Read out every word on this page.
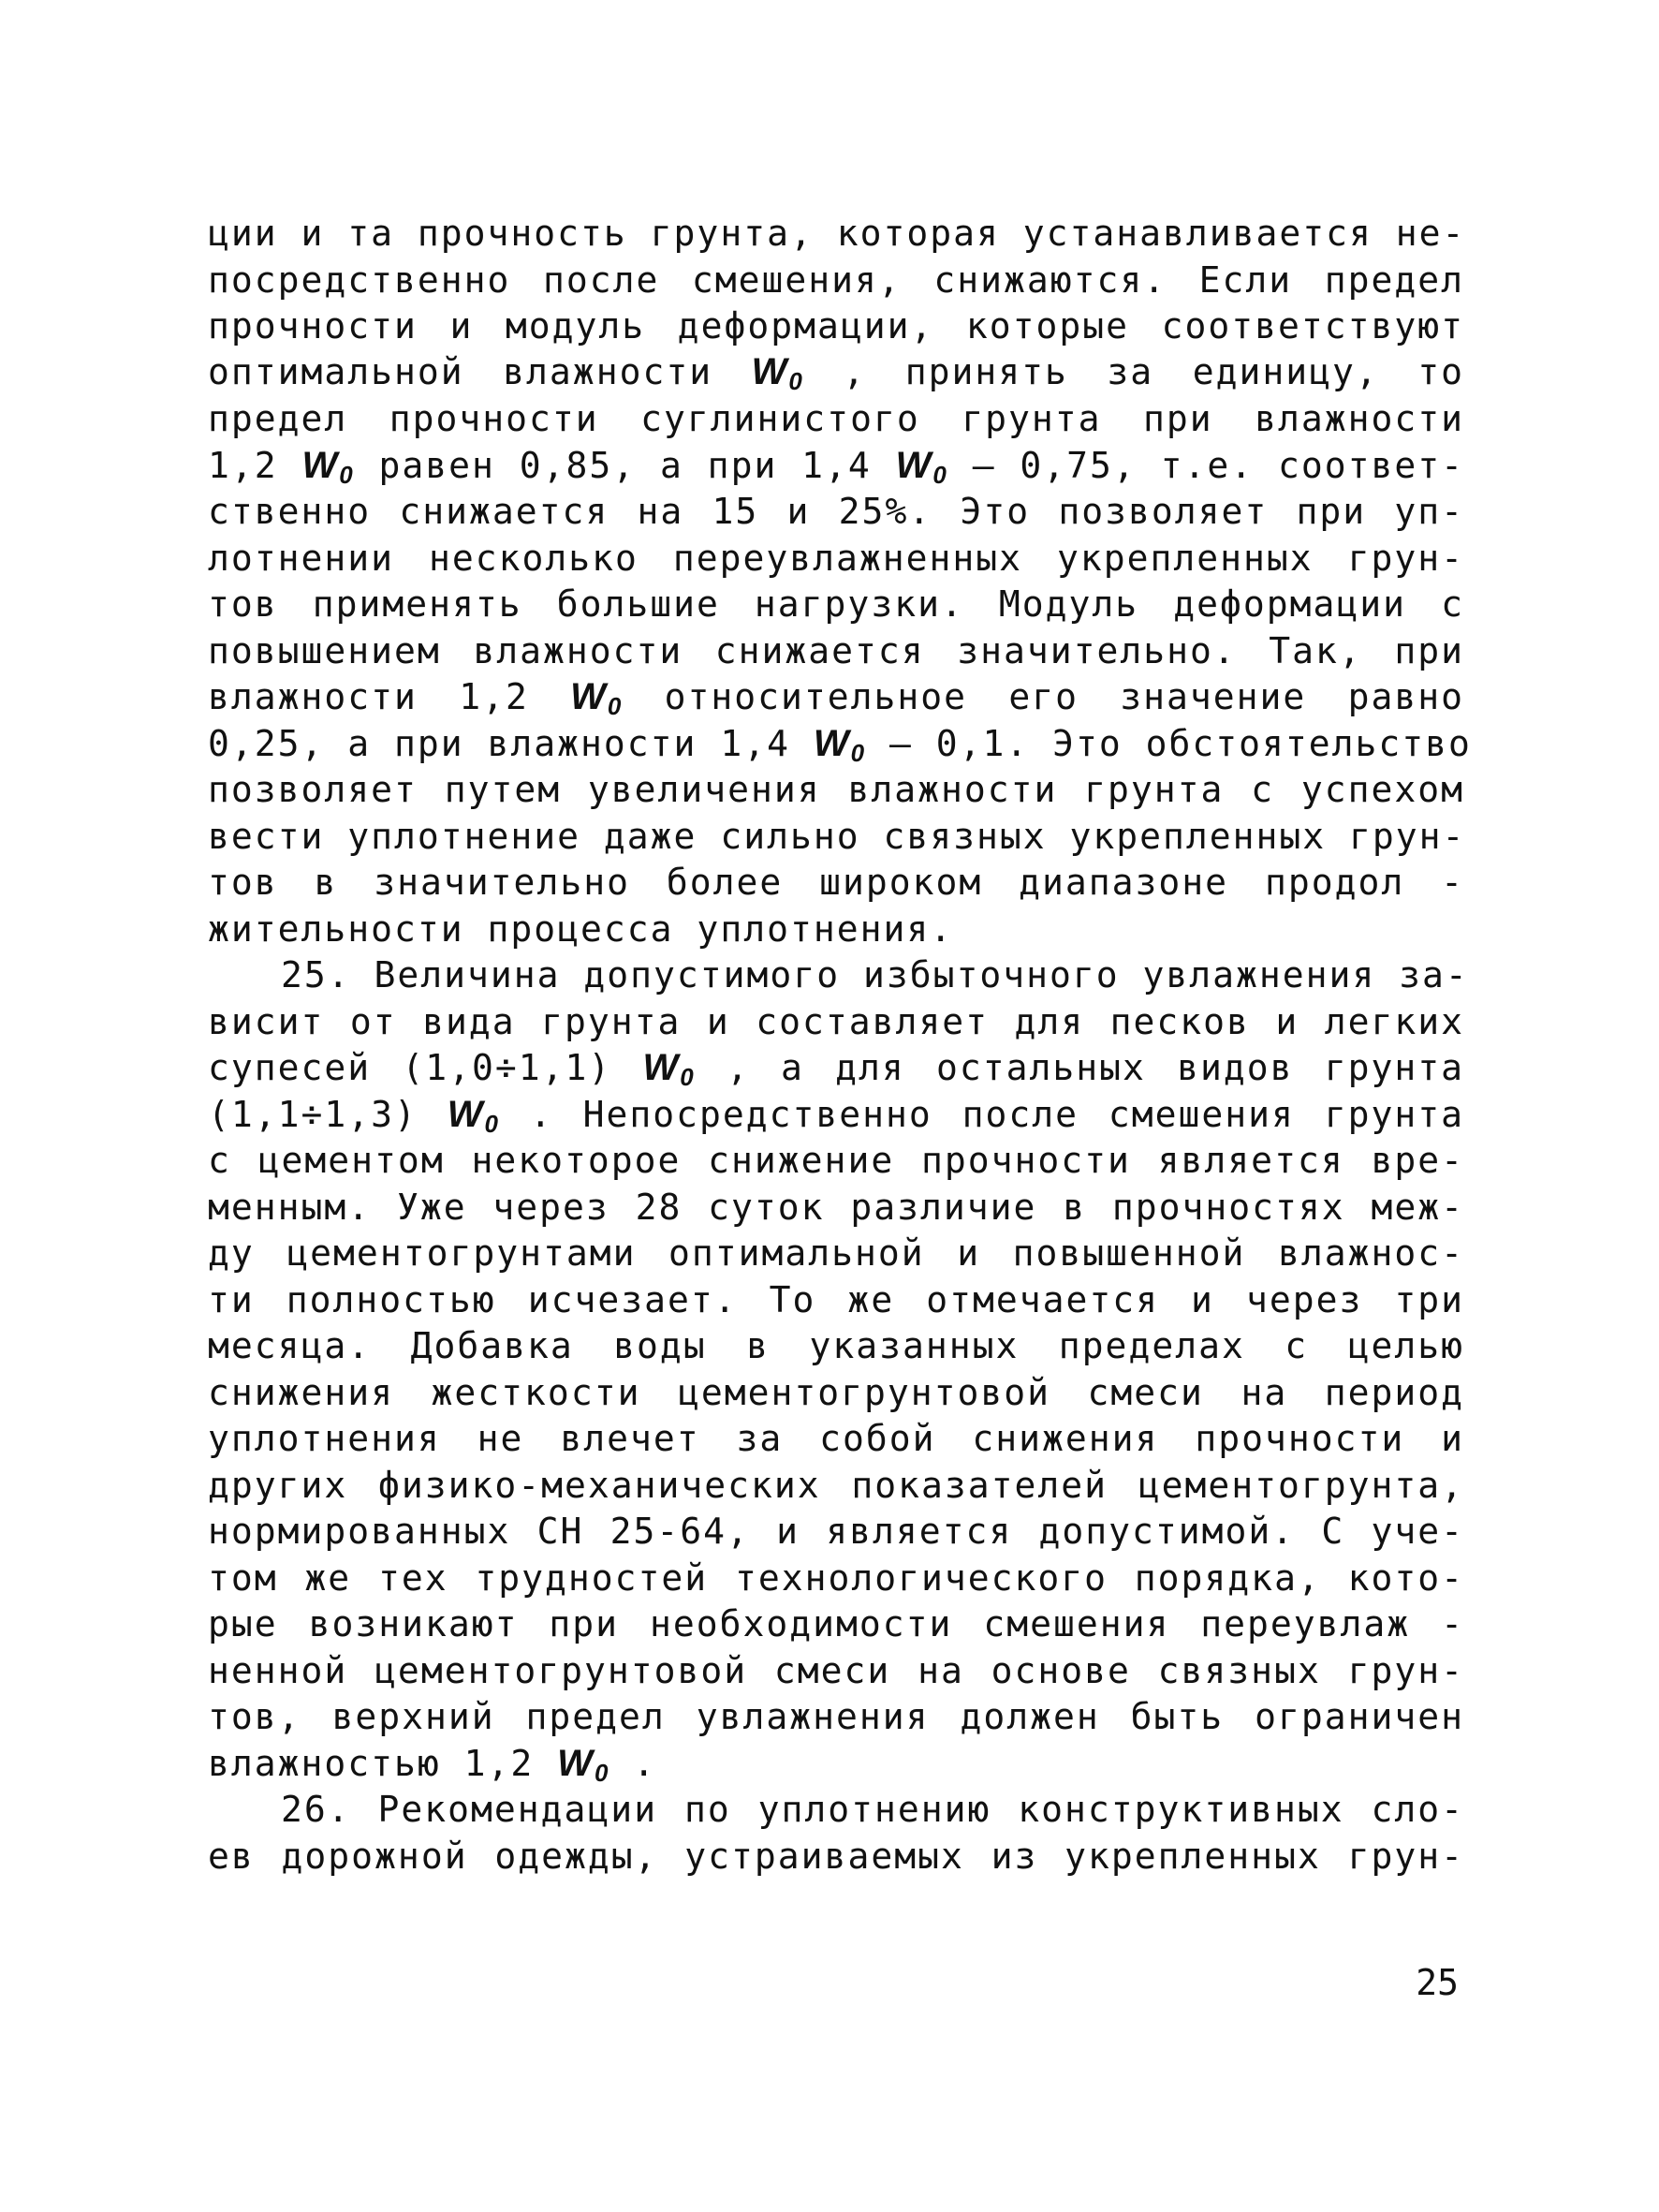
ции и та прочность грунта, которая устанавливается не-
посредственно после смешения, снижаются. Если предел
прочности и модуль деформации, которые соответствуют
оптимальной влажности $W_0$ , принять за единицу, то
предел прочности суглинистого грунта при влажности
1,2 $W_0$ равен 0,85, а при 1,4 $W_0 - 0,75$, т.е. соответ-
ственно снижается на 15 и 25%. Это позволяет при уп-
лотнении несколько переувлажненных укрепленных грун-
тов применять большие нагрузки. Модуль деформации с
повышением влажности снижается значительно. Так, при
влажности 1,2 $W_0$ относительное его значение равно
0,25, а при влажности 1,4 $W_0 - 0,1$. Это обстоятельство
позволяет путем увеличения влажности грунта с успехом
вести уплотнение даже сильно связных укрепленных грун-
тов в значительно более широком диапазоне продол -
жительности процесса уплотнения.
25. Величина допустимого избыточного увлажнения за-
висит от вида грунта и составляет для песков и легких
супесей (1,0÷1,1) $W_0$ , а для остальных видов грунта
(1,1÷1,3) $W_0$ . Непосредственно после смешения грунта
с цементом некоторое снижение прочности является вре-
менным. Уже через 28 суток различие в прочностях меж-
ду цементогрунтами оптимальной и повышенной влажнос-
ти полностью исчезает. То же отмечается и через три
месяца. Добавка воды в указанных пределах с целью
снижения жесткости цементогрунтовой смеси на период
уплотнения не влечет за собой снижения прочности и
других физико-механических показателей цементогрунта,
нормированных СН 25-64, и является допустимой. С уче-
том же тех трудностей технологического порядка, кото-
рые возникают при необходимости смешения переувлаж -
ненной цементогрунтовой смеси на основе связных грун-
тов, верхний предел увлажнения должен быть ограничен
влажностью 1,2 $W_0$ .
26. Рекомендации по уплотнению конструктивных сло-
ев дорожной одежды, устраиваемых из укрепленных грун-
25
